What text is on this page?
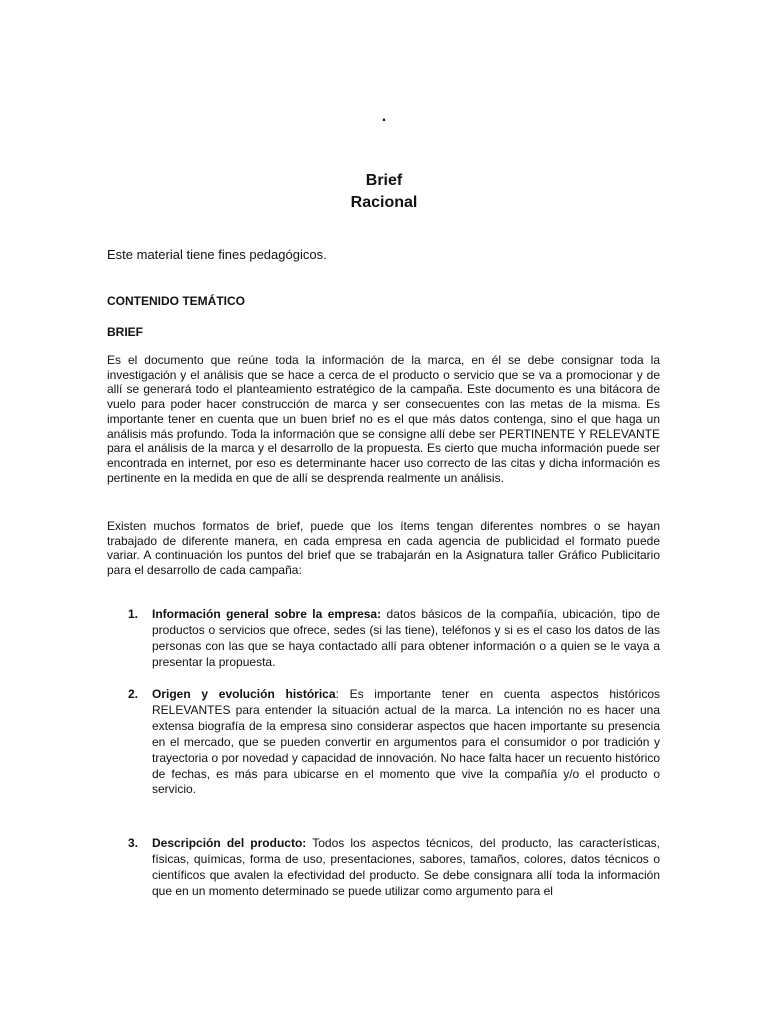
.
Brief
Racional
Este material tiene fines pedagógicos.
CONTENIDO TEMÁTICO
BRIEF

Es el documento que reúne toda la información de la marca, en él se debe consignar toda la investigación y el análisis que se hace a cerca de el producto o servicio que se va a promocionar y de allí se generará todo el planteamiento estratégico de la campaña. Este documento es una bitácora de vuelo para poder hacer construcción de marca y ser consecuentes con las metas de la misma. Es importante tener en cuenta que un buen brief no es el que más datos contenga, sino el que haga un análisis más profundo. Toda la información que se consigne allí debe ser PERTINENTE Y RELEVANTE para el análisis de la marca y el desarrollo de la propuesta. Es cierto que mucha información puede ser encontrada en internet, por eso es determinante hacer uso correcto de las citas y dicha información es pertinente en la medida en que de allí se desprenda realmente un análisis.

Existen muchos formatos de brief, puede que los ítems tengan diferentes nombres o se hayan trabajado de diferente manera, en cada empresa en cada agencia de publicidad el formato puede variar. A continuación los puntos del brief que se trabajarán en la Asignatura taller Gráfico Publicitario para el desarrollo de cada campaña:

1. Información general sobre la empresa: datos básicos de la compañía, ubicación, tipo de productos o servicios que ofrece, sedes (si las tiene), teléfonos y si es el caso los datos de las personas con las que se haya contactado allí para obtener información o a quien se le vaya a presentar la propuesta.

2. Origen y evolución histórica: Es importante tener en cuenta aspectos históricos RELEVANTES para entender la situación actual de la marca. La intención no es hacer una extensa biografía de la empresa sino considerar aspectos que hacen importante su presencia en el mercado, que se pueden convertir en argumentos para el consumidor o por tradición y trayectoria o por novedad y capacidad de innovación. No hace falta hacer un recuento histórico de fechas, es más para ubicarse en el momento que vive la compañía y/o el producto o servicio.

3. Descripción del producto: Todos los aspectos técnicos, del producto, las características, físicas, químicas, forma de uso, presentaciones, sabores, tamaños, colores, datos técnicos o científicos que avalen la efectividad del producto. Se debe consignara allí toda la información que en un momento determinado se puede utilizar como argumento para el
